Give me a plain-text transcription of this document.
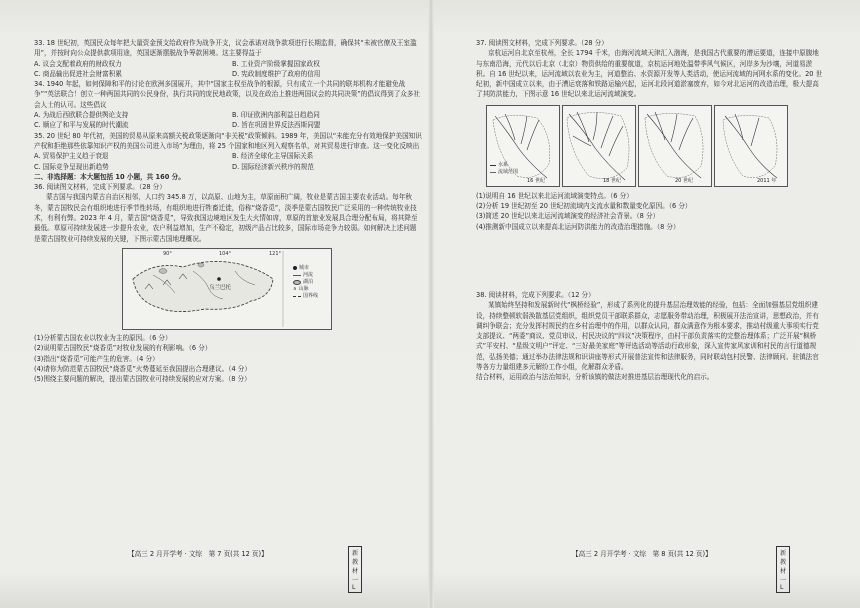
33. 18 世纪初，英国民众每年把大量资金预支给政府作为战争开支，议会承诺对战争款项进行长期监督，确保其“未被官僚及王室滥用”，并按时向公众提供款项用途，英国逐渐摆脱战争筹款困境。这主要得益于

A. 议会支配着政府的财政权力	B. 工业资产阶级掌握国家政权
C. 商品输出促进社会财富积累	D. 宪政制度维护了政府的信用

34. 1940 年起，如何保障和平的讨论在欧洲多国展开，其中“国家主权至战争的根源，只有成立一个共同的联邦机构才能避免战争”“英法联合！创立一种两国共同的公民身份，执行共同的庞民地政策，以及在政治上推进两国议会的共同决策”的倡议得到了众多社会人士的认可。这些倡议

A. 为战后西欧联合提供舆论支持	B. 印证欧洲内部利益日趋趋同
C. 顺应了和平与发展的时代潮流	D. 旨在巩固世界反法西斯同盟

35. 20 世纪 80 年代初，美国的贸易从原来高额关税政策逐渐向“非关税”政策倾斜。1989 年，美国以“未能充分有效地保护美国知识产权和拒绝那些依靠知识产权的美国公司进入市场”为理由，将 25 个国家和地区列入观察名单，对其贸易进行审查。这一变化反映出

A. 贸易保护主义趋于衰退	B. 经济全球化主导国际关系
C. 国际竞争呈现出新趋势	D. 国际经济新兴秩序的规范

二、非选择题：本大题包括 10 小题，共 160 分。

36. 阅读图文材料，完成下列要求。（28 分）

蒙古国与我国内蒙古自治区相邻，人口约 345.8 万，以高原、山地为主，草原面积广阔，牧业是蒙古国主要农业活动。每年秋冬，蒙古国牧民会有组织地进行季节性转场，有组织地进行牲畜迁徙，俗称“烧香觅”，淡季是蒙古国牧民广泛采用的一种传统牧业技术，有利有弊。2023 年 4 月，蒙古国“烧香觅”，导致我国边境地区发生大火情如席，草原的首旅业发展具合理分配布局，将其降至最低。草原可持续发展进一步提升农业，农户利益增加，生产不稳定，初级产品占比较多，国际市场竞争力较弱。如何解决上述问题是蒙古国牧业可持续发展的关键，下图示蒙古国地理概况。

乌兰巴托
90°	104°	121°
城市
河流
湖泊
∧ 山脉
国界线

(1)分析蒙古国农业以牧业为主的原因。（6 分）

(2)说明蒙古国牧民“烧香觅”对牧业发展的有利影响。（6 分）

(3)指出“烧香觅”可能产生的危害。（4 分）

(4)请你为防范蒙古国牧民“烧香觅”火势蔓延至我国提出合理建议。（4 分）

(5)围绕主要问题的解决，提出蒙古国牧业可持续发展的应对方案。（8 分）

【高三 2 月开学考 · 文综　第 7 页(共 12 页)】	新教材一L

37. 阅读图文材料，完成下列要求。（28 分）

京杭运河自北京至杭州，全长 1794 千米，由海河流域天津汇入渤海，是我国古代重要的漕运要道，连接中原腹地与东南沿海，元代以后北京（北京）物资供给的重要航道，京杭运河地处温带季风气候区，河岸多为沙壤，河道易淤积。自 16 世纪以来，运河流域以农业为主，河道整治、水资源开发等人类活动，使运河流域的河网水系的变化。20 世纪初，新中国成立以来，由于漕运衰落和铁路运输兴起，运河北段河道淤塞废弃，如今对北运河的改造治理，极大提高了其防洪能力，下图示意 16 世纪以来北运河流域演变。

16 世纪
水系
流域范围
18 世纪	20 世纪	2011 年

(1)说明自 16 世纪以来北运河流域演变特点。（6 分）

(2)分析 19 世纪初至 20 世纪初流域内支流水量和数量变化原因。（6 分）

(3)简述 20 世纪以来北运河流域演变的经济社会背景。（8 分）

(4)推测新中国成立以来提高北运河防洪能力的改造治理措施。（8 分）

38. 阅读材料，完成下列要求。（12 分）

某镇始终坚持和发展新时代“枫桥经验”，形成了系列化的提升基层治理效能的经验，包括：全面加强基层党组织建设，持续整顿软弱涣散基层党组织，组织党员干部联系群众，志愿服务带动治理，积极展开法治宣讲，思想政治，并有调纠争联会；充分发挥村规民约在乡村治理中的作用，以群众认同，群众满意作为根本要求，推动村级重大事项实行党支部提议、“两委”商议、党员审议、村民决议的“四议”决策程序，由村干部负责落实的完整治理体系；广泛开展“枫桥式”平安村、“星级文明户”评定、“三好最美家庭”等评选活动等活动行政形象，深入宣传家风家训和村民的言行道德规范，弘扬美德；通过举办法律法规和识讲座等形式开展普法宣传和法律服务，同时联动包村民警、法律顾问、驻镇法官等各方力量组建多元解纷工作小组，化解群众矛盾。

结合材料，运用政治与法治知识，分析该镇的做法对推进基层治理现代化的启示。

【高三 2 月开学考 · 文综　第 8 页(共 12 页)】	新教材一L
